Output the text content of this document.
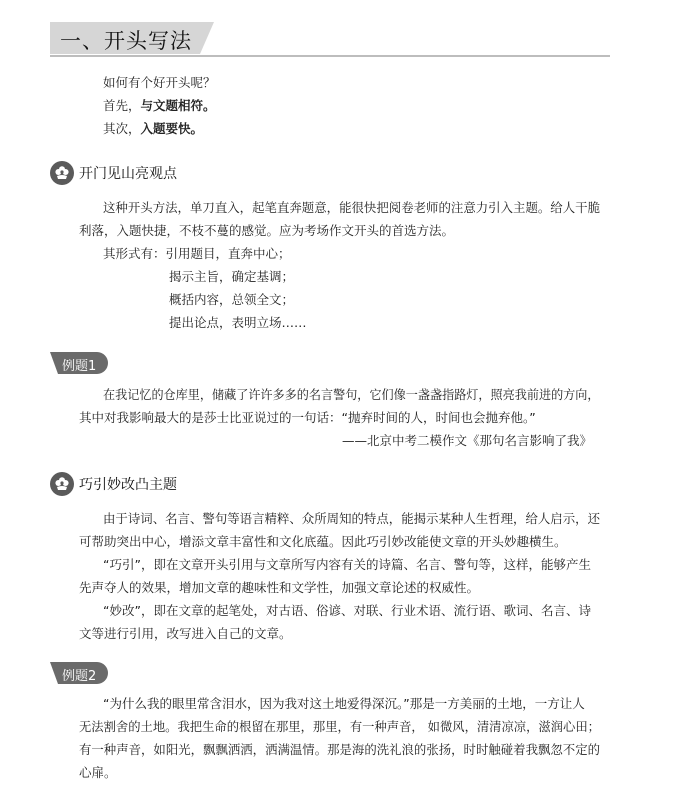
一、开头写法
如何有个好开头呢？
首先，与文题相符。
其次，入题要快。
开门见山亮观点
这种开头方法，单刀直入，起笔直奔题意，能很快把阅卷老师的注意力引入主题。给人干脆
利落，入题快捷，不枝不蔓的感觉。应为考场作文开头的首选方法。
其形式有：引用题目，直奔中心；
揭示主旨，确定基调；
概括内容，总领全文；
提出论点，表明立场……
例题1
在我记忆的仓库里，储藏了许许多多的名言警句，它们像一盏盏指路灯，照亮我前进的方向，
其中对我影响最大的是莎士比亚说过的一句话：“抛弃时间的人，时间也会抛弃他。”
——北京中考二模作文《那句名言影响了我》
巧引妙改凸主题
由于诗词、名言、警句等语言精粹、众所周知的特点，能揭示某种人生哲理，给人启示，还
可帮助突出中心，增添文章丰富性和文化底蕴。因此巧引妙改能使文章的开头妙趣横生。
“巧引”，即在文章开头引用与文章所写内容有关的诗篇、名言、警句等，这样，能够产生
先声夺人的效果，增加文章的趣味性和文学性，加强文章论述的权威性。
“妙改”，即在文章的起笔处，对古语、俗谚、对联、行业术语、流行语、歌词、名言、诗
文等进行引用，改写进入自己的文章。
例题2
“为什么我的眼里常含泪水，因为我对这土地爱得深沉。”那是一方美丽的土地，一方让人
无法割舍的土地。我把生命的根留在那里，那里，有一种声音， 如微风，清清凉凉，滋润心田；
有一种声音，如阳光，飘飘洒洒，洒满温情。那是海的洗礼浪的张扬，时时触碰着我飘忽不定的
心扉。
